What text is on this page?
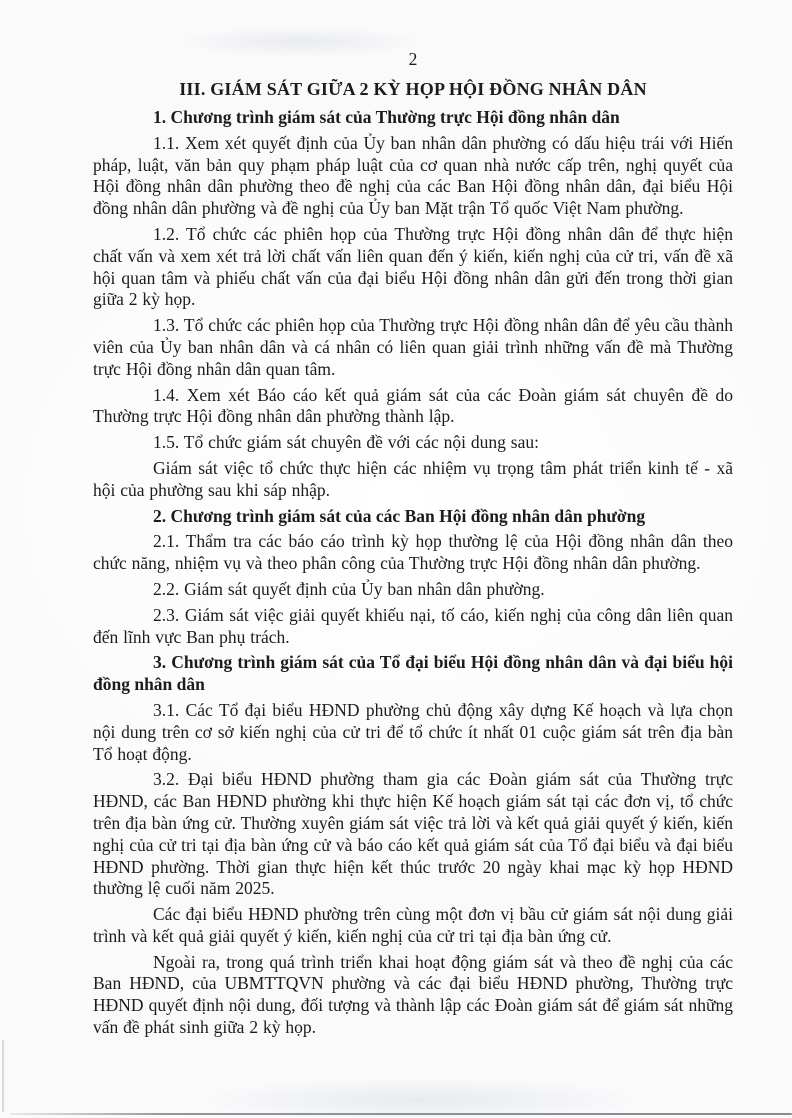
2
III. GIÁM SÁT GIỮA 2 KỲ HỌP HỘI ĐỒNG NHÂN DÂN
1. Chương trình giám sát của Thường trực Hội đồng nhân dân

1.1. Xem xét quyết định của Ủy ban nhân dân phường có dấu hiệu trái với Hiến pháp, luật, văn bản quy phạm pháp luật của cơ quan nhà nước cấp trên, nghị quyết của Hội đồng nhân dân phường theo đề nghị của các Ban Hội đồng nhân dân, đại biểu Hội đồng nhân dân phường và đề nghị của Ủy ban Mặt trận Tổ quốc Việt Nam phường.

1.2. Tổ chức các phiên họp của Thường trực Hội đồng nhân dân để thực hiện chất vấn và xem xét trả lời chất vấn liên quan đến ý kiến, kiến nghị của cử tri, vấn đề xã hội quan tâm và phiếu chất vấn của đại biểu Hội đồng nhân dân gửi đến trong thời gian giữa 2 kỳ họp.

1.3. Tổ chức các phiên họp của Thường trực Hội đồng nhân dân để yêu cầu thành viên của Ủy ban nhân dân và cá nhân có liên quan giải trình những vấn đề mà Thường trực Hội đồng nhân dân quan tâm.

1.4. Xem xét Báo cáo kết quả giám sát của các Đoàn giám sát chuyên đề do Thường trực Hội đồng nhân dân phường thành lập.

1.5. Tổ chức giám sát chuyên đề với các nội dung sau:

Giám sát việc tổ chức thực hiện các nhiệm vụ trọng tâm phát triển kinh tế - xã hội của phường sau khi sáp nhập.

2. Chương trình giám sát của các Ban Hội đồng nhân dân phường

2.1. Thẩm tra các báo cáo trình kỳ họp thường lệ của Hội đồng nhân dân theo chức năng, nhiệm vụ và theo phân công của Thường trực Hội đồng nhân dân phường.

2.2. Giám sát quyết định của Ủy ban nhân dân phường.

2.3. Giám sát việc giải quyết khiếu nại, tố cáo, kiến nghị của công dân liên quan đến lĩnh vực Ban phụ trách.

3. Chương trình giám sát của Tổ đại biểu Hội đồng nhân dân và đại biểu hội đồng nhân dân

3.1. Các Tổ đại biểu HĐND phường chủ động xây dựng Kế hoạch và lựa chọn nội dung trên cơ sở kiến nghị của cử tri để tổ chức ít nhất 01 cuộc giám sát trên địa bàn Tổ hoạt động.

3.2. Đại biểu HĐND phường tham gia các Đoàn giám sát của Thường trực HĐND, các Ban HĐND phường khi thực hiện Kế hoạch giám sát tại các đơn vị, tổ chức trên địa bàn ứng cử. Thường xuyên giám sát việc trả lời và kết quả giải quyết ý kiến, kiến nghị của cử tri tại địa bàn ứng cử và báo cáo kết quả giám sát của Tổ đại biểu và đại biểu HĐND phường. Thời gian thực hiện kết thúc trước 20 ngày khai mạc kỳ họp HĐND thường lệ cuối năm 2025.

Các đại biểu HĐND phường trên cùng một đơn vị bầu cử giám sát nội dung giải trình và kết quả giải quyết ý kiến, kiến nghị của cử tri tại địa bàn ứng cử.

Ngoài ra, trong quá trình triển khai hoạt động giám sát và theo đề nghị của các Ban HĐND, của UBMTTQVN phường và các đại biểu HĐND phường, Thường trực HĐND quyết định nội dung, đối tượng và thành lập các Đoàn giám sát để giám sát những vấn đề phát sinh giữa 2 kỳ họp.
